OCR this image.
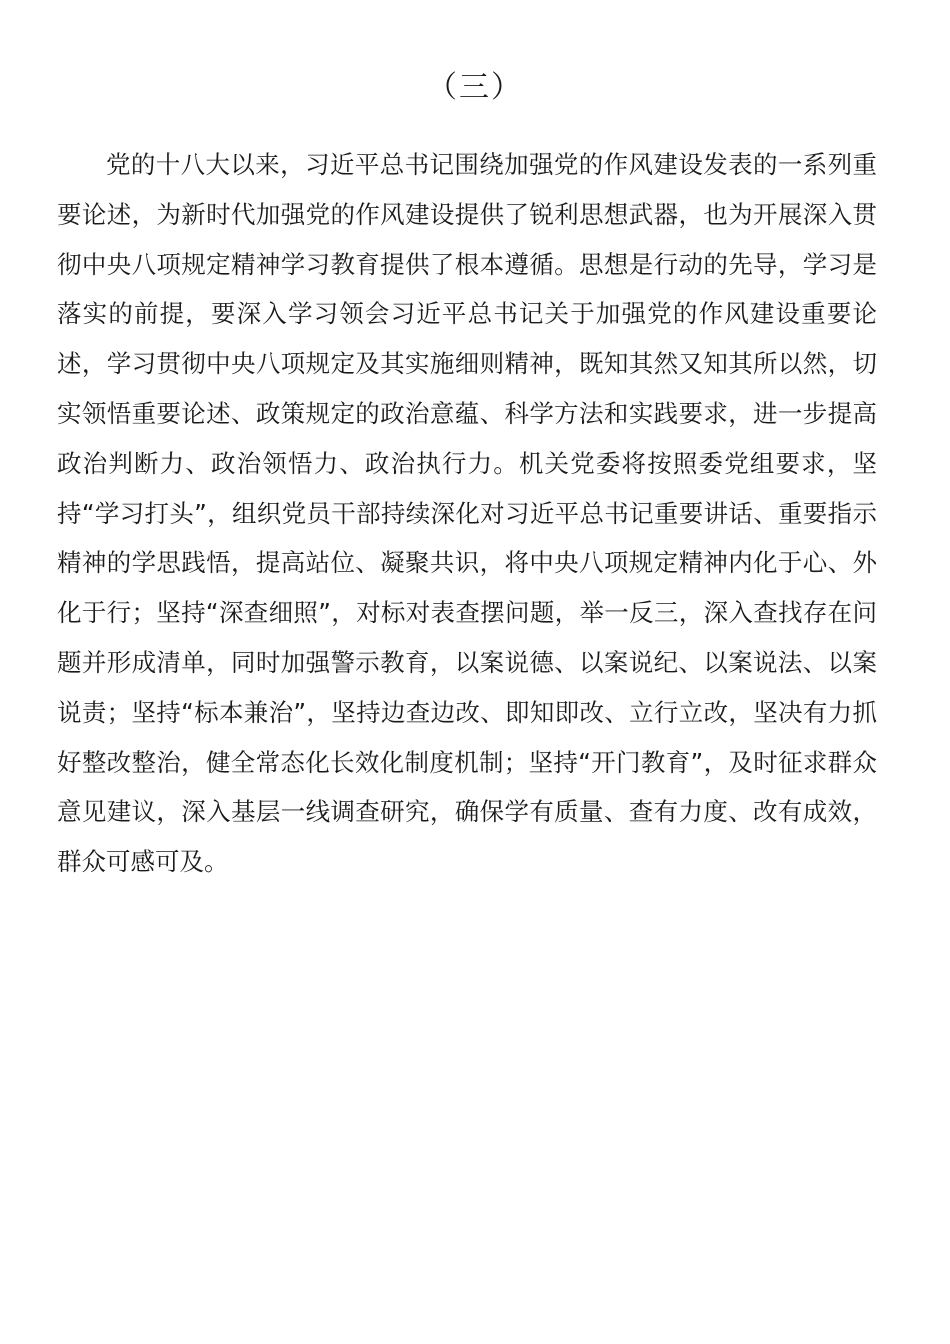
（三）

党的十八大以来，习近平总书记围绕加强党的作风建设发表的一系列重要论述，为新时代加强党的作风建设提供了锐利思想武器，也为开展深入贯彻中央八项规定精神学习教育提供了根本遵循。思想是行动的先导，学习是落实的前提，要深入学习领会习近平总书记关于加强党的作风建设重要论述，学习贯彻中央八项规定及其实施细则精神，既知其然又知其所以然，切实领悟重要论述、政策规定的政治意蕴、科学方法和实践要求，进一步提高政治判断力、政治领悟力、政治执行力。机关党委将按照委党组要求，坚持“学习打头”，组织党员干部持续深化对习近平总书记重要讲话、重要指示精神的学思践悟，提高站位、凝聚共识，将中央八项规定精神内化于心、外化于行；坚持“深查细照”，对标对表查摆问题，举一反三，深入查找存在问题并形成清单，同时加强警示教育，以案说德、以案说纪、以案说法、以案说责；坚持“标本兼治”，坚持边查边改、即知即改、立行立改，坚决有力抓好整改整治，健全常态化长效化制度机制；坚持“开门教育”，及时征求群众意见建议，深入基层一线调查研究，确保学有质量、查有力度、改有成效，群众可感可及。
